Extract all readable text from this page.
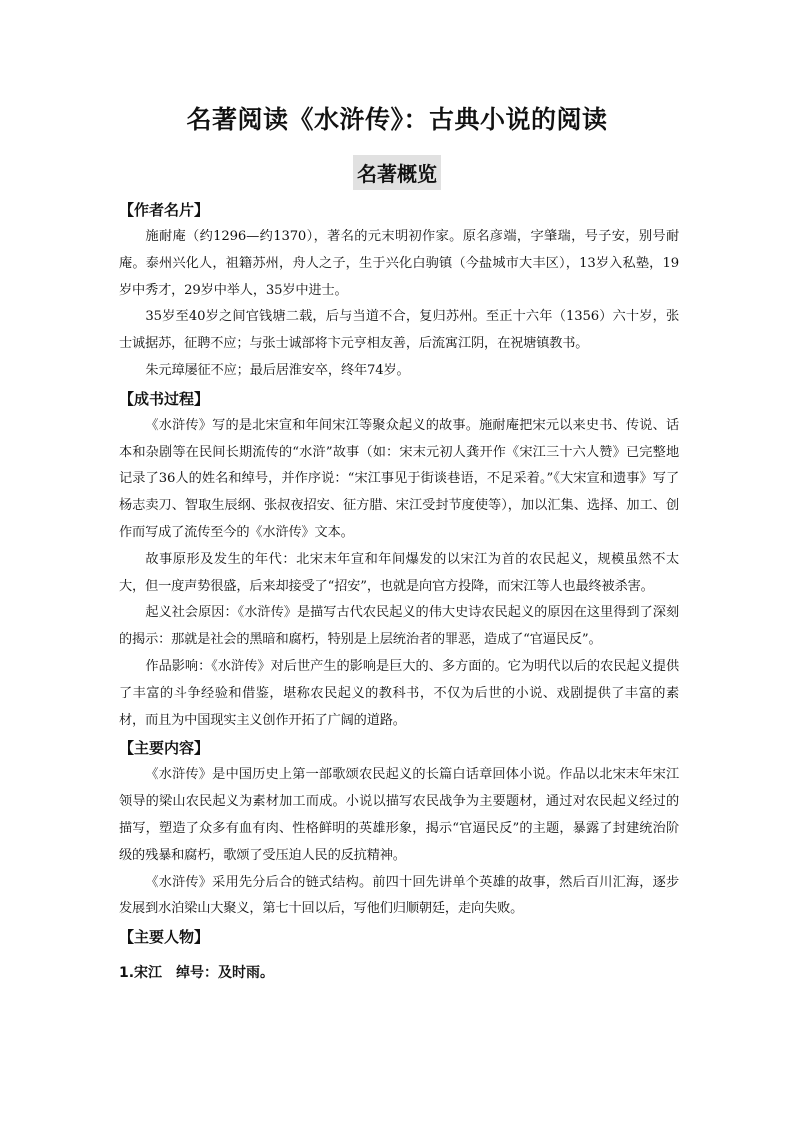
名著阅读《水浒传》：古典小说的阅读
名著概览
【作者名片】

施耐庵（约1296—约1370），著名的元末明初作家。原名彦端，字肇瑞，号子安，别号耐庵。泰州兴化人，祖籍苏州，舟人之子，生于兴化白驹镇（今盐城市大丰区），13岁入私塾，19岁中秀才，29岁中举人，35岁中进士。

35岁至40岁之间官钱塘二载，后与当道不合，复归苏州。至正十六年（1356）六十岁，张士诚据苏，征聘不应；与张士诚部将卞元亨相友善，后流寓江阴，在祝塘镇教书。

朱元璋屡征不应；最后居淮安卒，终年74岁。

【成书过程】

《水浒传》写的是北宋宣和年间宋江等聚众起义的故事。施耐庵把宋元以来史书、传说、话本和杂剧等在民间长期流传的“水浒”故事（如：宋末元初人龚开作《宋江三十六人赞》已完整地记录了36人的姓名和绰号，并作序说：“宋江事见于街谈巷语，不足采着。”《大宋宣和遗事》写了杨志卖刀、智取生辰纲、张叔夜招安、征方腊、宋江受封节度使等），加以汇集、选择、加工、创作而写成了流传至今的《水浒传》文本。

故事原形及发生的年代：北宋末年宣和年间爆发的以宋江为首的农民起义，规模虽然不太大，但一度声势很盛，后来却接受了“招安”，也就是向官方投降，而宋江等人也最终被杀害。

起义社会原因：《水浒传》是描写古代农民起义的伟大史诗农民起义的原因在这里得到了深刻的揭示：那就是社会的黑暗和腐朽，特别是上层统治者的罪恶，造成了“官逼民反”。

作品影响：《水浒传》对后世产生的影响是巨大的、多方面的。它为明代以后的农民起义提供了丰富的斗争经验和借鉴，堪称农民起义的教科书，不仅为后世的小说、戏剧提供了丰富的素材，而且为中国现实主义创作开拓了广阔的道路。

【主要内容】

《水浒传》是中国历史上第一部歌颂农民起义的长篇白话章回体小说。作品以北宋末年宋江领导的梁山农民起义为素材加工而成。小说以描写农民战争为主要题材，通过对农民起义经过的描写，塑造了众多有血有肉、性格鲜明的英雄形象，揭示“官逼民反”的主题，暴露了封建统治阶级的残暴和腐朽，歌颂了受压迫人民的反抗精神。

《水浒传》采用先分后合的链式结构。前四十回先讲单个英雄的故事，然后百川汇海，逐步发展到水泊梁山大聚义，第七十回以后，写他们归顺朝廷，走向失败。

【主要人物】
1.宋江　绰号：及时雨。
